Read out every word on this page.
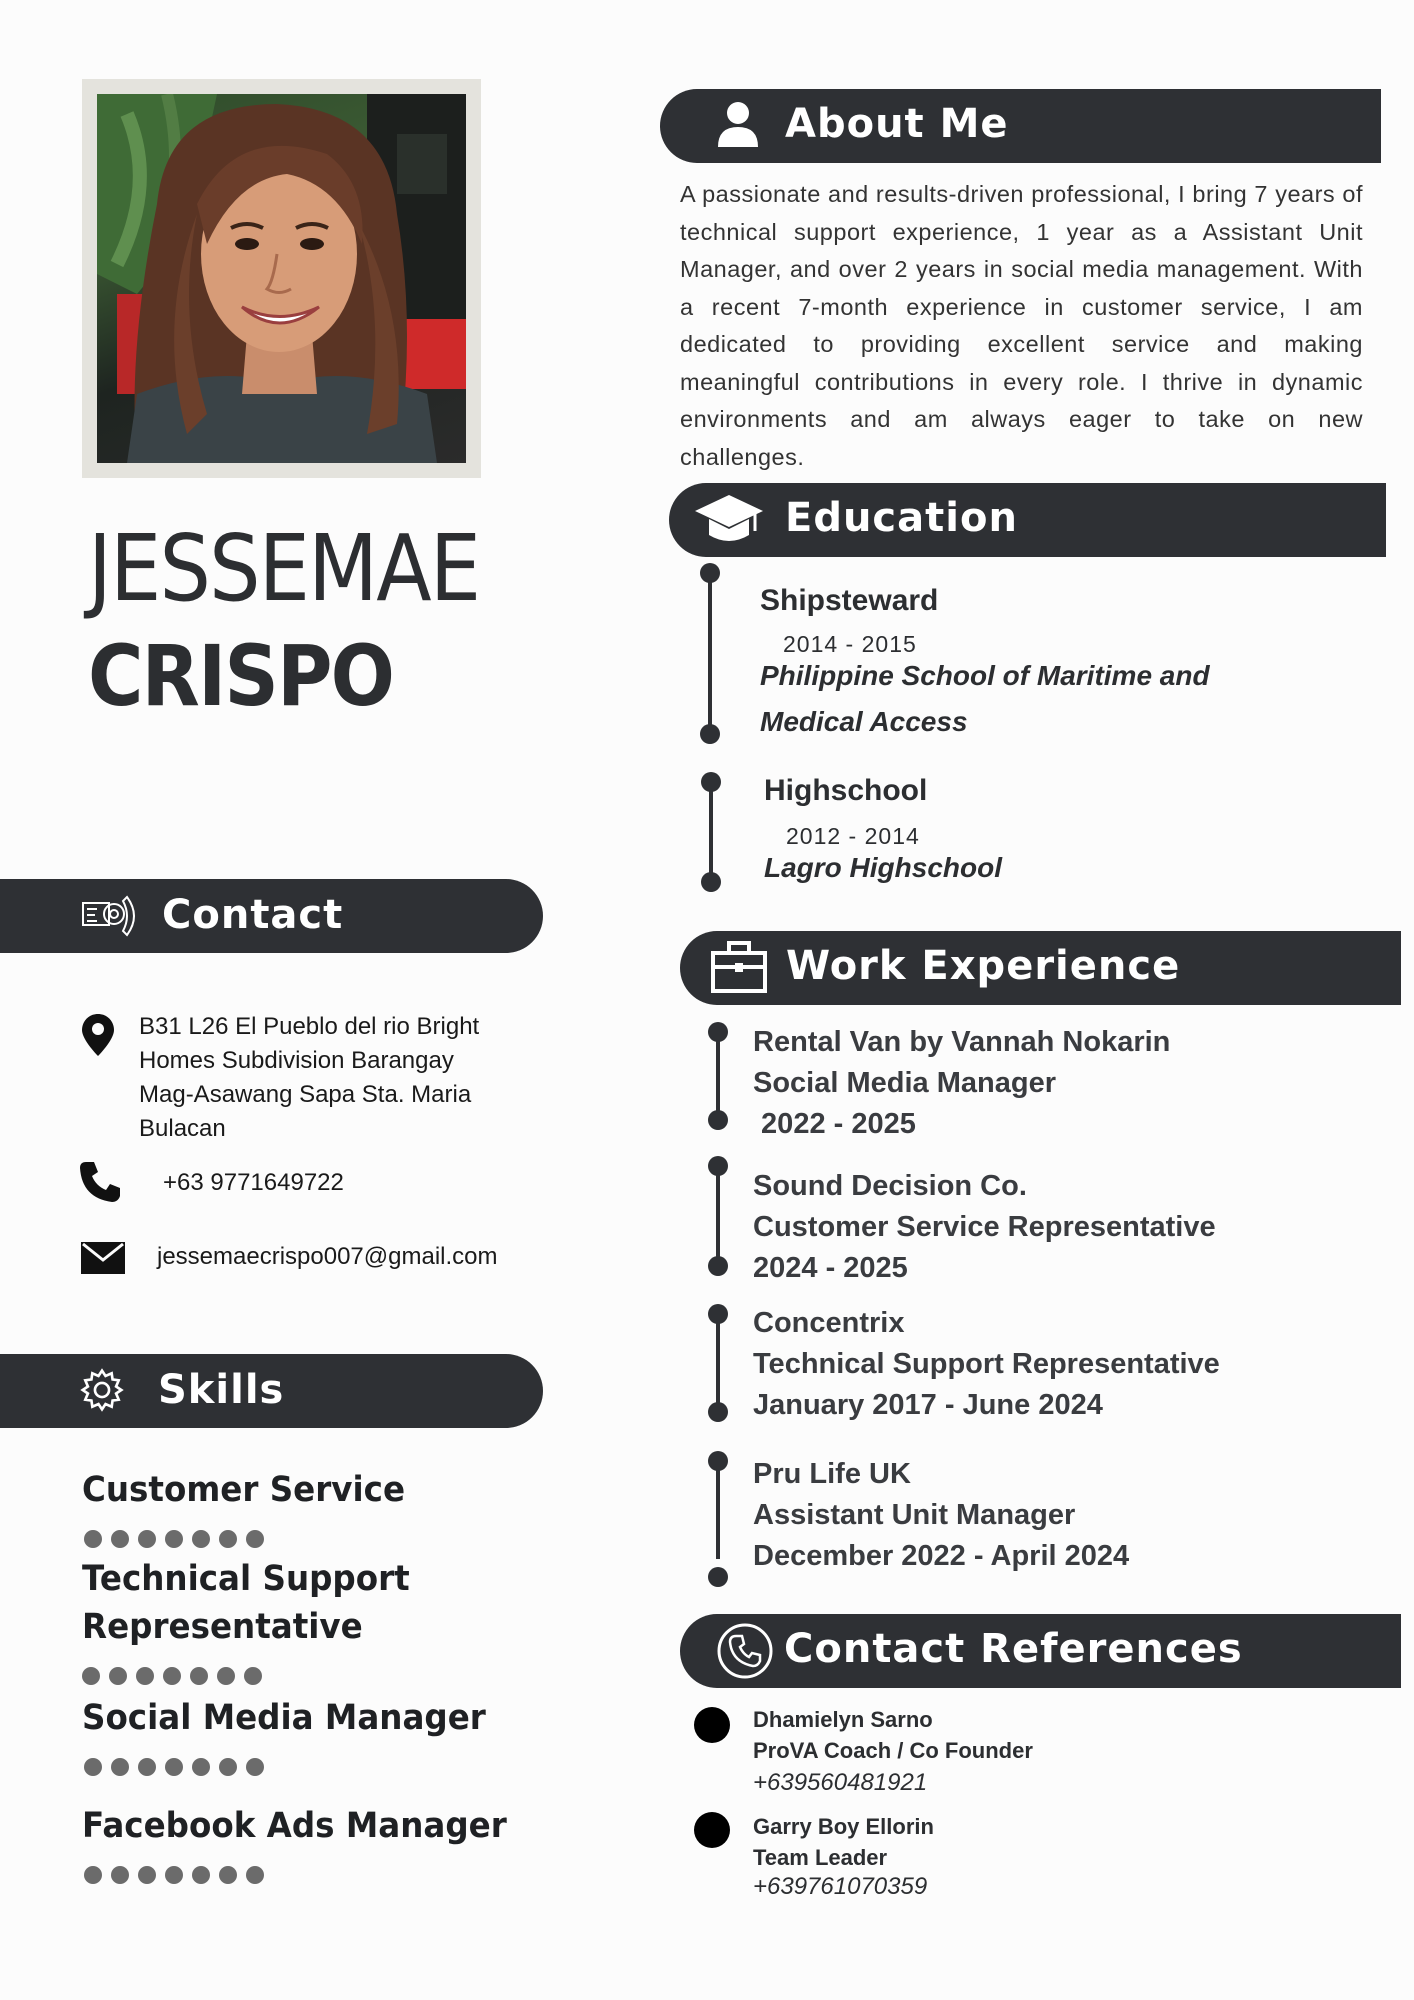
JESSEMAE
CRISPO
Contact
B31 L26 El Pueblo del rio Bright Homes Subdivision Barangay Mag-Asawang Sapa Sta. Maria Bulacan
+63 9771649722
jessemaecrispo007@gmail.com
Skills
Customer Service
Technical Support
Representative
Social Media Manager
Facebook Ads Manager
About Me
A passionate and results-driven professional, I bring 7 years of technical support experience, 1 year as a Assistant Unit Manager, and over 2 years in social media management. With a recent 7-month experience in customer service, I am dedicated to providing excellent service and making meaningful contributions in every role. I thrive in dynamic environments and am always eager to take on new challenges.
Education
Shipsteward
2014 - 2015
Philippine School of Maritime and
Medical Access
Highschool
2012 - 2014
Lagro Highschool
Work Experience
Rental Van by Vannah Nokarin
Social Media Manager
2022 - 2025
Sound Decision Co.
Customer Service Representative
2024 - 2025
Concentrix
Technical Support Representative
January 2017 - June 2024
Pru Life UK
Assistant Unit Manager
December 2022 - April 2024
Contact References
Dhamielyn Sarno
ProVA Coach / Co Founder
+639560481921
Garry Boy Ellorin
Team Leader
+639761070359
